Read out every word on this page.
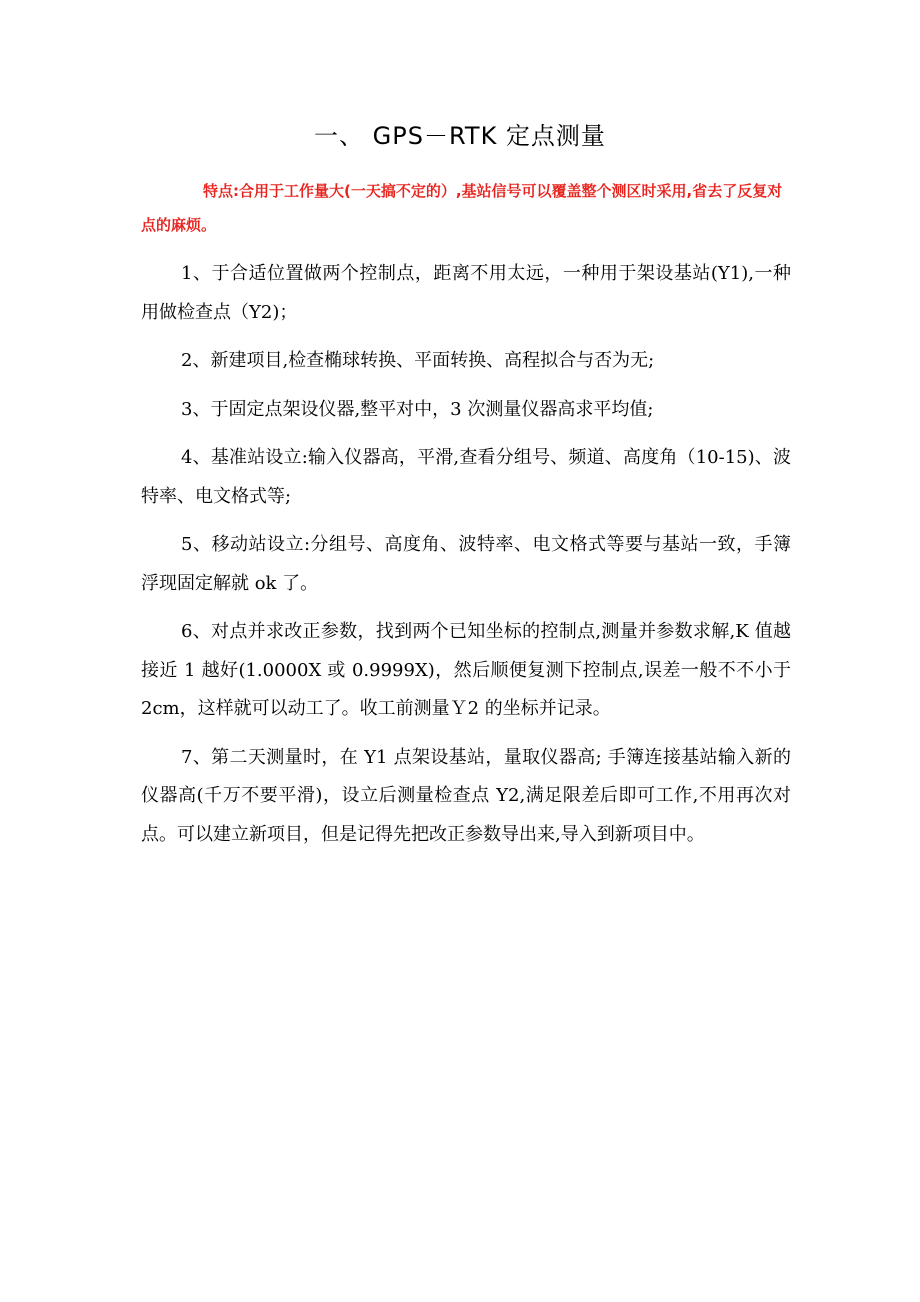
一、 GPS－RTK 定点测量
特点:合用于工作量大(一天搞不定的）,基站信号可以覆盖整个测区时采用,省去了反复对点的麻烦。

1、于合适位置做两个控制点，距离不用太远，一种用于架设基站(Y1),一种用做检查点（Y2)；

2、新建项目,检查椭球转换、平面转换、高程拟合与否为无;

3、于固定点架设仪器,整平对中，3 次测量仪器高求平均值;

4、基准站设立:输入仪器高，平滑,查看分组号、频道、高度角（10-15)、波特率、电文格式等;

5、移动站设立:分组号、高度角、波特率、电文格式等要与基站一致，手簿浮现固定解就 ok 了。

6、对点并求改正参数，找到两个已知坐标的控制点,测量并参数求解,K 值越接近 1 越好(1.0000X 或 0.9999X)，然后顺便复测下控制点,误差一般不不小于 2cm，这样就可以动工了。收工前测量Ｙ2 的坐标并记录。

7、第二天测量时，在 Y1 点架设基站，量取仪器高; 手簿连接基站输入新的仪器高(千万不要平滑)，设立后测量检查点 Y2,满足限差后即可工作,不用再次对点。可以建立新项目，但是记得先把改正参数导出来,导入到新项目中。
